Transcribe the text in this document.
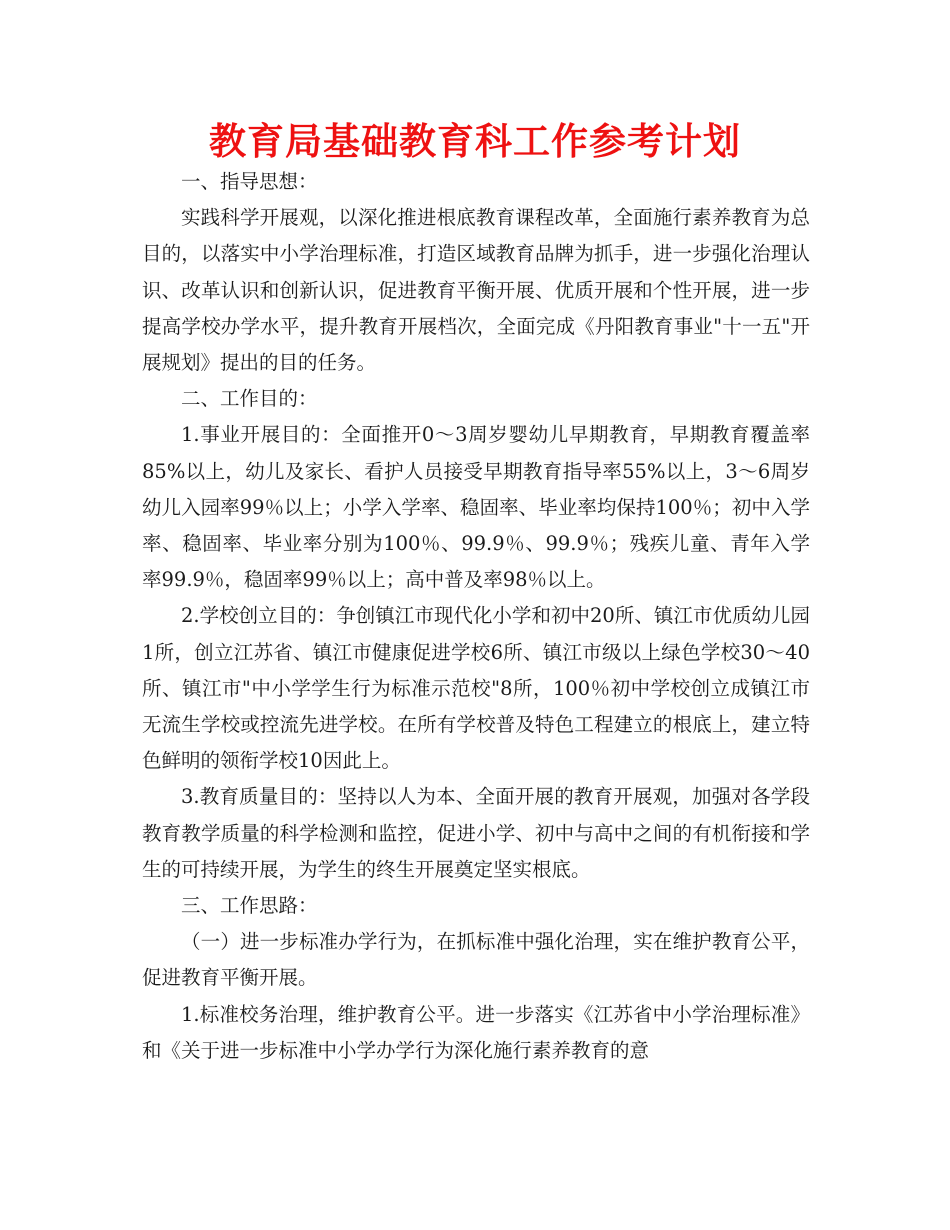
教育局基础教育科工作参考计划

一、指导思想：

实践科学开展观，以深化推进根底教育课程改革，全面施行素养教育为总目的，以落实中小学治理标准，打造区域教育品牌为抓手，进一步强化治理认识、改革认识和创新认识，促进教育平衡开展、优质开展和个性开展，进一步提高学校办学水平，提升教育开展档次，全面完成《丹阳教育事业"十一五"开展规划》提出的目的任务。

二、工作目的：

1.事业开展目的：全面推开0～3周岁婴幼儿早期教育，早期教育覆盖率85%以上，幼儿及家长、看护人员接受早期教育指导率55%以上，3～6周岁幼儿入园率99％以上；小学入学率、稳固率、毕业率均保持100％；初中入学率、稳固率、毕业率分别为100％、99.9％、99.9％；残疾儿童、青年入学率99.9％，稳固率99％以上；高中普及率98％以上。

2.学校创立目的：争创镇江市现代化小学和初中20所、镇江市优质幼儿园1所，创立江苏省、镇江市健康促进学校6所、镇江市级以上绿色学校30～40所、镇江市"中小学学生行为标准示范校"8所，100％初中学校创立成镇江市无流生学校或控流先进学校。在所有学校普及特色工程建立的根底上，建立特色鲜明的领衔学校10因此上。

3.教育质量目的：坚持以人为本、全面开展的教育开展观，加强对各学段教育教学质量的科学检测和监控，促进小学、初中与高中之间的有机衔接和学生的可持续开展，为学生的终生开展奠定坚实根底。

三、工作思路：

（一）进一步标准办学行为，在抓标准中强化治理，实在维护教育公平，促进教育平衡开展。

1.标准校务治理，维护教育公平。进一步落实《江苏省中小学治理标准》和《关于进一步标准中小学办学行为深化施行素养教育的意
